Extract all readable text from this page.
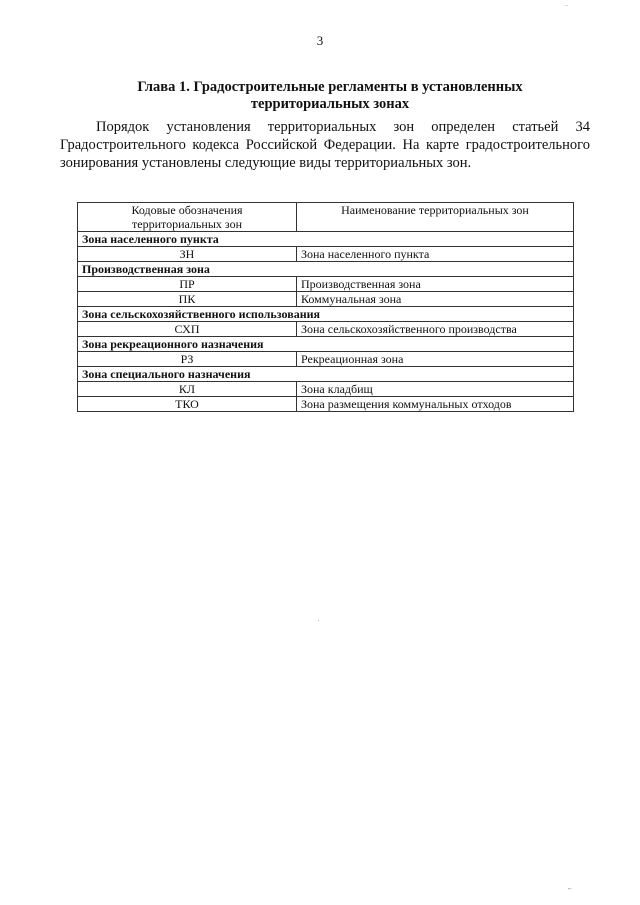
3
Глава 1. Градостроительные регламенты в установленных
территориальных зонах

Порядок установления территориальных зон определен статьей 34 Градостроительного кодекса Российской Федерации. На карте градостроительного зонирования установлены следующие виды территориальных зон.

Кодовые обозначения
территориальных зон	Наименование территориальных зон
Зона населенного пункта	
ЗН	Зона населенного пункта
Производственная зона	
ПР	Производственная зона
ПК	Коммунальная зона
Зона сельскохозяйственного использования	
СХП	Зона сельскохозяйственного производства
Зона рекреационного назначения	
РЗ	Рекреационная зона
Зона специального назначения	
КЛ	Зона кладбищ
ТКО	Зона размещения коммунальных отходов
..
"'
